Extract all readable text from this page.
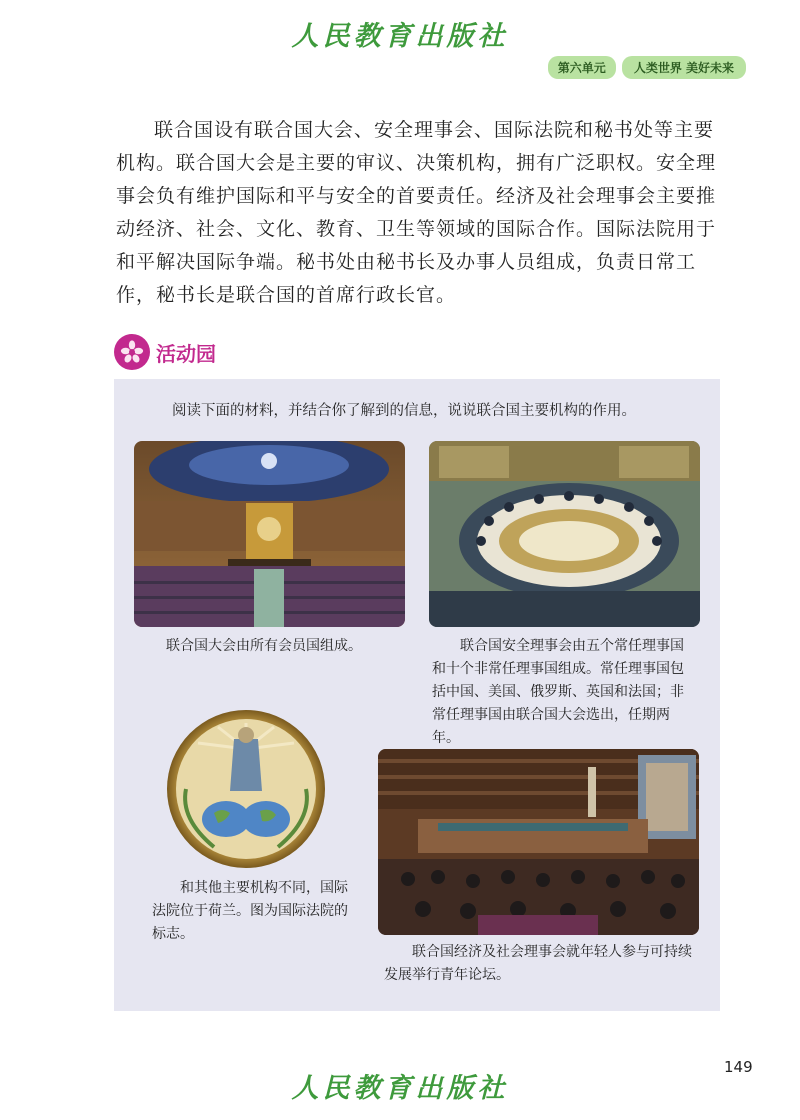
人民教育出版社
第六单元	人类世界 美好未来

联合国设有联合国大会、安全理事会、国际法院和秘书处等主要机构。联合国大会是主要的审议、决策机构，拥有广泛职权。安全理事会负有维护国际和平与安全的首要责任。经济及社会理事会主要推动经济、社会、文化、教育、卫生等领域的国际合作。国际法院用于和平解决国际争端。秘书处由秘书长及办事人员组成，负责日常工作，秘书长是联合国的首席行政长官。

活动园

阅读下面的材料，并结合你了解到的信息，说说联合国主要机构的作用。

联合国大会由所有会员国组成。	联合国安全理事会由五个常任理事国和十个非常任理事国组成。常任理事国包括中国、美国、俄罗斯、英国和法国；非常任理事国由联合国大会选出，任期两年。

和其他主要机构不同，国际法院位于荷兰。图为国际法院的标志。

联合国经济及社会理事会就年轻人参与可持续发展举行青年论坛。

149
人民教育出版社
